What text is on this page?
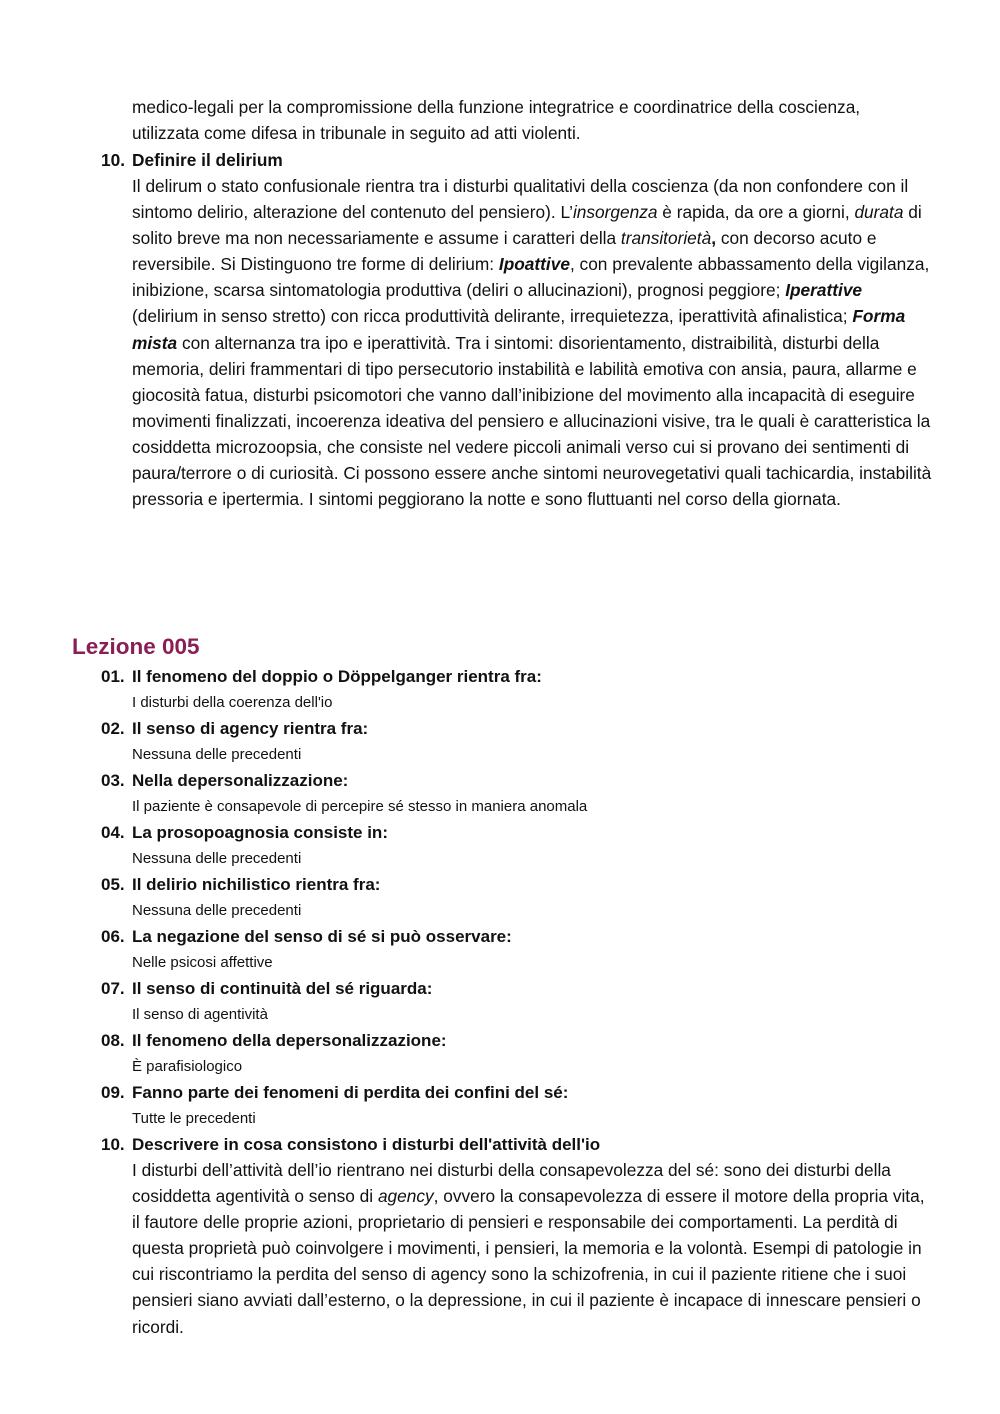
medico-legali per la compromissione della funzione integratrice e coordinatrice della coscienza, utilizzata come difesa in tribunale in seguito ad atti violenti.
10. Definire il delirium
Il delirum o stato confusionale rientra tra i disturbi qualitativi della coscienza (da non confondere con il sintomo delirio, alterazione del contenuto del pensiero). L’insorgenza è rapida, da ore a giorni, durata di solito breve ma non necessariamente e assume i caratteri della transitorietà, con decorso acuto e reversibile. Si Distinguono tre forme di delirium: Ipoattive, con prevalente abbassamento della vigilanza, inibizione, scarsa sintomatologia produttiva (deliri o allucinazioni), prognosi peggiore; Iperattive (delirium in senso stretto) con ricca produttività delirante, irrequietezza, iperattività afinalistica; Forma mista con alternanza tra ipo e iperattività. Tra i sintomi: disorientamento, distraibilità, disturbi della memoria, deliri frammentari di tipo persecutorio instabilità e labilità emotiva con ansia, paura, allarme e giocosità fatua, disturbi psicomotori che vanno dall’inibizione del movimento alla incapacità di eseguire movimenti finalizzati, incoerenza ideativa del pensiero e allucinazioni visive, tra le quali è caratteristica la cosiddetta microzoopsia, che consiste nel vedere piccoli animali verso cui si provano dei sentimenti di paura/terrore o di curiosità. Ci possono essere anche sintomi neurovegetativi quali tachicardia, instabilità pressoria e ipertermia. I sintomi peggiorano la notte e sono fluttuanti nel corso della giornata.
Lezione 005
01. Il fenomeno del doppio o Döppelganger rientra fra:
I disturbi della coerenza dell'io
02. Il senso di agency rientra fra:
Nessuna delle precedenti
03. Nella depersonalizzazione:
Il paziente è consapevole di percepire sé stesso in maniera anomala
04. La prosopoagnosia consiste in:
Nessuna delle precedenti
05. Il delirio nichilistico rientra fra:
Nessuna delle precedenti
06. La negazione del senso di sé si può osservare:
Nelle psicosi affettive
07. Il senso di continuità del sé riguarda:
Il senso di agentività
08. Il fenomeno della depersonalizzazione:
È parafisiologico
09. Fanno parte dei fenomeni di perdita dei confini del sé:
Tutte le precedenti
10. Descrivere in cosa consistono i disturbi dell'attività dell'io
I disturbi dell’attività dell’io rientrano nei disturbi della consapevolezza del sé: sono dei disturbi della cosiddetta agentività o senso di agency, ovvero la consapevolezza di essere il motore della propria vita, il fautore delle proprie azioni, proprietario di pensieri e responsabile dei comportamenti. La perdità di questa proprietà può coinvolgere i movimenti, i pensieri, la memoria e la volontà. Esempi di patologie in cui riscontriamo la perdita del senso di agency sono la schizofrenia, in cui il paziente ritiene che i suoi pensieri siano avviati dall’esterno, o la depressione, in cui il paziente è incapace di innescare pensieri o ricordi.
